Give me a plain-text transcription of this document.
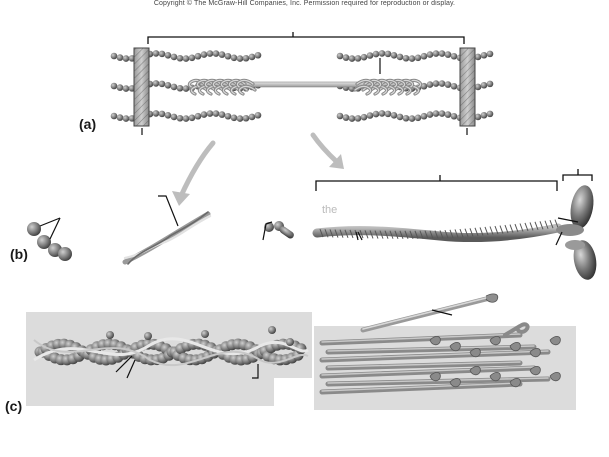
Copyright © The McGraw-Hill Companies, Inc. Permission required for reproduction or display.
the
(a)
(b)
(c)
